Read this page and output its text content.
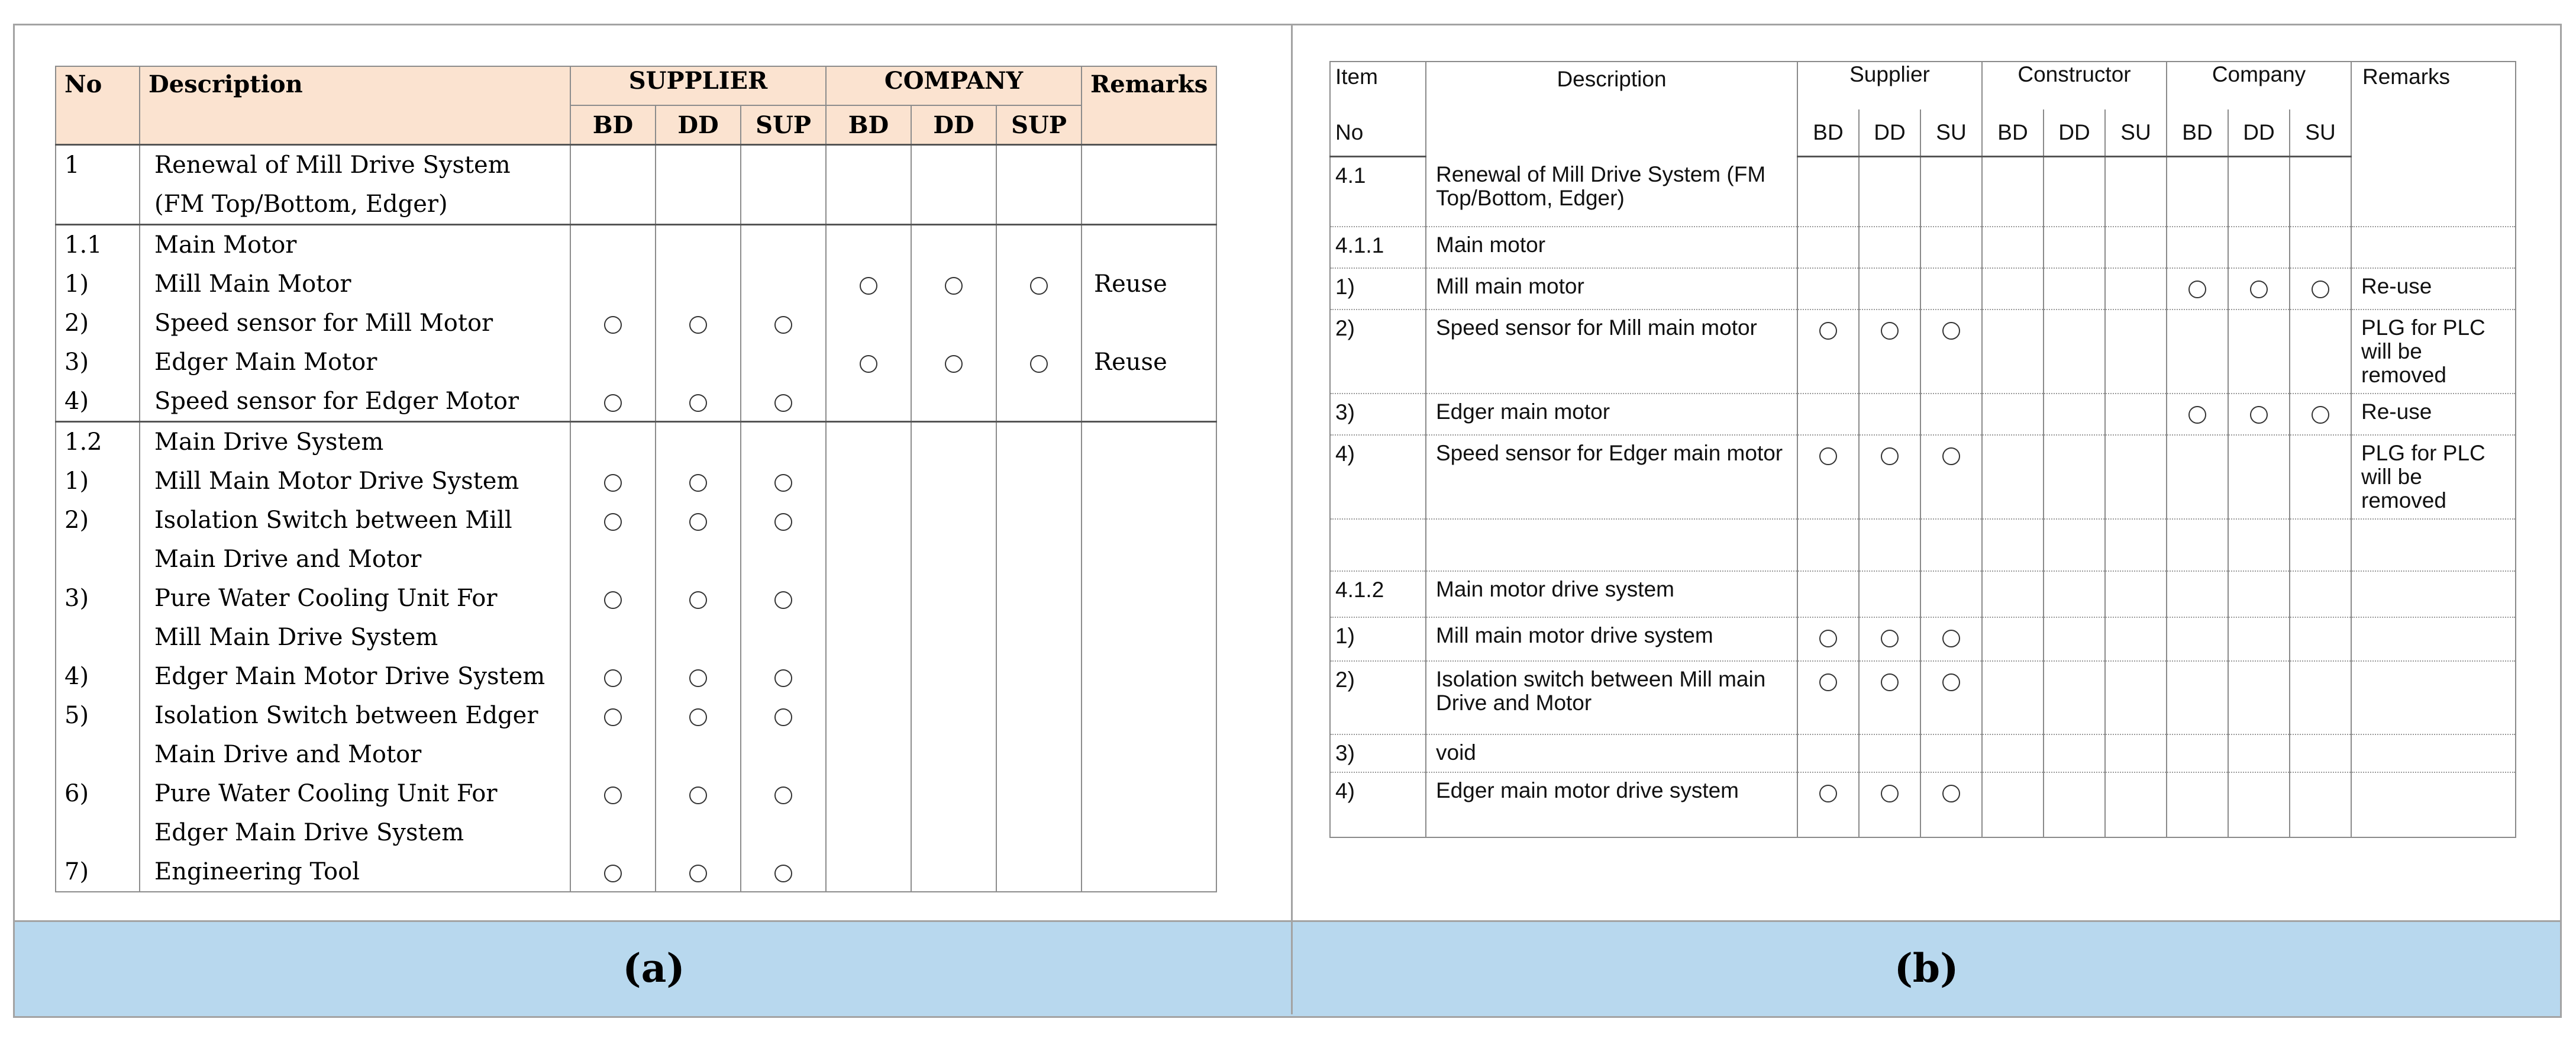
No	Description	SUPPLIER			COMPANY			Remarks
		BD	DD	SUP	BD	DD	SUP	
1	Renewal of Mill Drive System							
	(FM Top/Bottom, Edger)							
1.1	Main Motor							
1)	Mill Main Motor							Reuse
2)	Speed sensor for Mill Motor							
3)	Edger Main Motor							Reuse
4)	Speed sensor for Edger Motor							
1.2	Main Drive System							
1)	Mill Main Motor Drive System							
2)	Isolation Switch between Mill							
	Main Drive and Motor							
3)	Pure Water Cooling Unit For							
	Mill Main Drive System							
4)	Edger Main Motor Drive System							
5)	Isolation Switch between Edger							
	Main Drive and Motor							
6)	Pure Water Cooling Unit For							
	Edger Main Drive System							
7)	Engineering Tool							
Item	Description	Supplier			Constructor			Company			Remarks
No		BD	DD	SU	BD	DD	SU	BD	DD	SU	
4.1	Renewal of Mill Drive System (FM Top/Bottom, Edger)										
4.1.1	Main motor										
1)	Mill main motor										Re-use
2)	Speed sensor for Mill main motor										PLG for PLC will be removed
3)	Edger main motor										Re-use
4)	Speed sensor for Edger main motor										PLG for PLC will be removed

4.1.2	Main motor drive system										
1)	Mill main motor drive system										
2)	Isolation switch between Mill main Drive and Motor										
3)	void										
4)	Edger main motor drive system										
(a)	(b)
